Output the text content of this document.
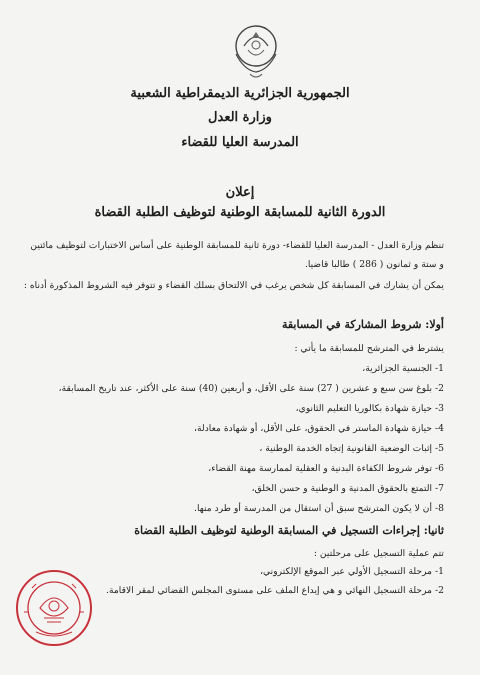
الجمهورية الجزائرية الديمقراطية الشعبية
وزارة العدل
المدرسة العليا للقضاء
إعلان
الدورة الثانية للمسابقة الوطنية لتوظيف الطلبة القضاة
تنظم وزارة العدل - المدرسة العليا للقضاء- دورة ثانية للمسابقة الوطنية على أساس الاختبارات لتوظيف مائتين
و ستة و ثمانون ( 286 ) طالبا قاضيا.
يمكن أن يشارك في المسابقة كل شخص يرغب في الالتحاق بسلك القضاء و تتوفر فيه الشروط المذكورة أدناه :
أولا: شروط المشاركة في المسابقة
يشترط في المترشح للمسابقة ما يأتي :
1- الجنسية الجزائرية،
2- بلوغ سن سبع و عشرين ( 27) سنة على الأقل، و أربعين (40) سنة على الأكثر، عند تاريخ المسابقة،
3- حيازة شهادة بكالوريا التعليم الثانوي،
4- حيازة شهادة الماستر في الحقوق، على الأقل، أو شهادة معادلة،
5- إثبات الوضعية القانونية إتجاه الخدمة الوطنية ،
6- توفر شروط الكفاءة البدنية و العقلية لممارسة مهنة القضاء،
7- التمتع بالحقوق المدنية و الوطنية و حسن الخلق،
8- أن لا يكون المترشح سبق أن استقال من المدرسة أو طرد منها.
ثانيا: إجراءات التسجيل في المسابقة الوطنية لتوظيف الطلبة القضاة
تتم عملية التسجيل على مرحلتين :
1- مرحلة التسجيل الأولي عبر الموقع الإلكتروني،
2- مرحلة التسجيل النهائي و هي إيداع الملف على مستوى المجلس القضائي لمقر الاقامة.
